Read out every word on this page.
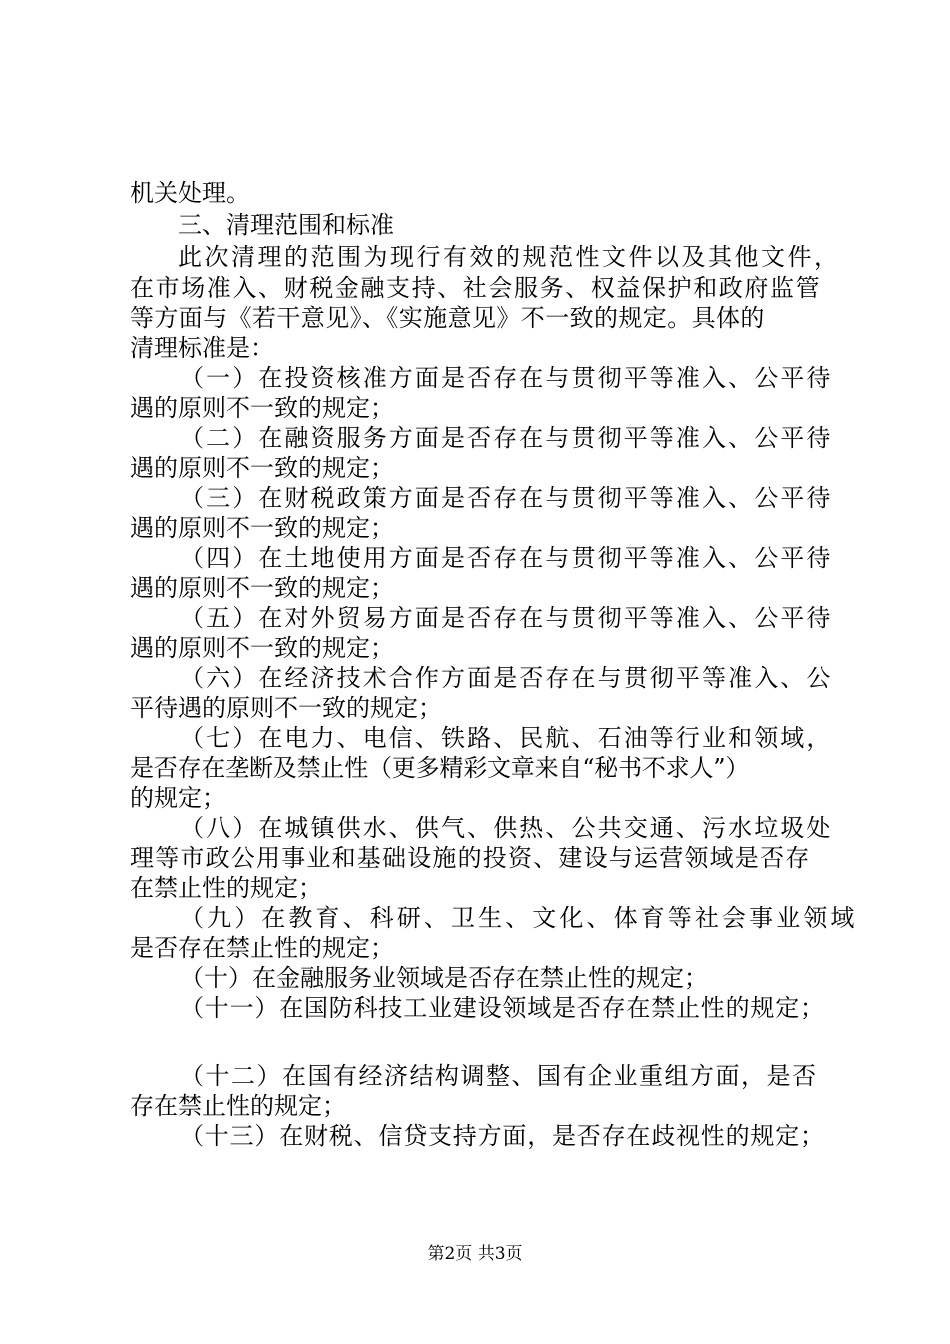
机关处理。
三、清理范围和标准
此次清理的范围为现行有效的规范性文件以及其他文件，
在市场准入、财税金融支持、社会服务、权益保护和政府监管
等方面与《若干意见》、《实施意见》不一致的规定。具体的
清理标准是：
（一）在投资核准方面是否存在与贯彻平等准入、公平待
遇的原则不一致的规定；
（二）在融资服务方面是否存在与贯彻平等准入、公平待
遇的原则不一致的规定；
（三）在财税政策方面是否存在与贯彻平等准入、公平待
遇的原则不一致的规定；
（四）在土地使用方面是否存在与贯彻平等准入、公平待
遇的原则不一致的规定；
（五）在对外贸易方面是否存在与贯彻平等准入、公平待
遇的原则不一致的规定；
（六）在经济技术合作方面是否存在与贯彻平等准入、公
平待遇的原则不一致的规定；
（七）在电力、电信、铁路、民航、石油等行业和领域，
是否存在垄断及禁止性（更多精彩文章来自“秘书不求人”）
的规定；
（八）在城镇供水、供气、供热、公共交通、污水垃圾处
理等市政公用事业和基础设施的投资、建设与运营领域是否存
在禁止性的规定；
（九）在教育、科研、卫生、文化、体育等社会事业领域
是否存在禁止性的规定；
（十）在金融服务业领域是否存在禁止性的规定；
（十一）在国防科技工业建设领域是否存在禁止性的规定；
（十二）在国有经济结构调整、国有企业重组方面，是否
存在禁止性的规定；
（十三）在财税、信贷支持方面，是否存在歧视性的规定；
第2页 共3页
